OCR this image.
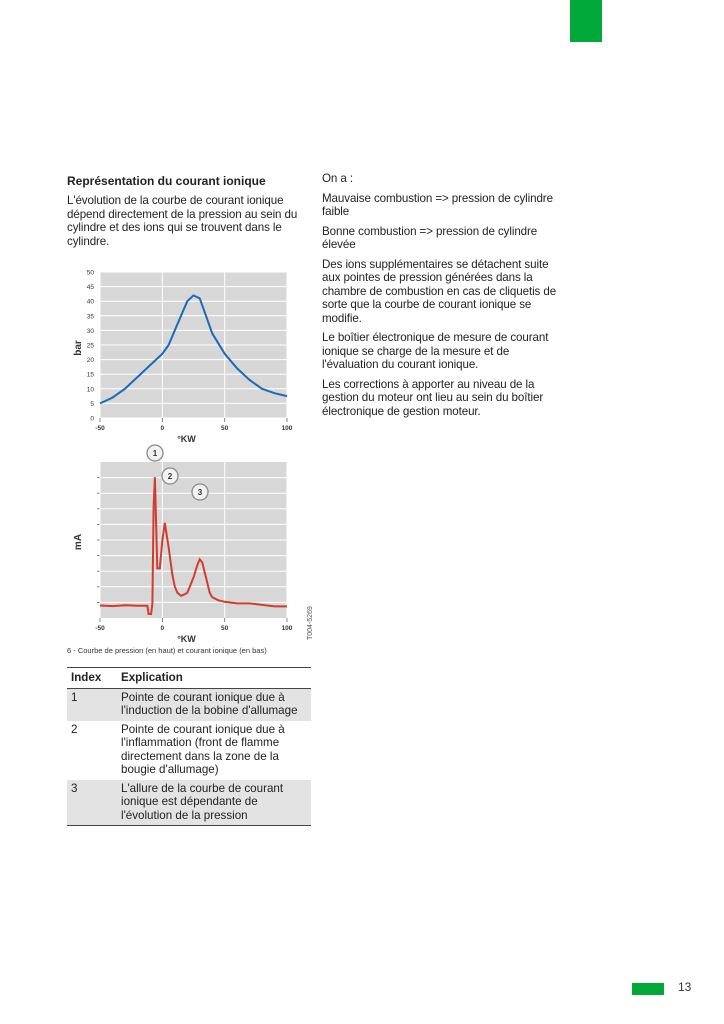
Représentation du courant ionique

L'évolution de la courbe de courant ionique dépend directement de la pression au sein du cylindre et des ions qui se trouvent dans le cylindre.

On a :

Mauvaise combustion => pression de cylindre faible

Bonne combustion => pression de cylindre élevée

Des ions supplémentaires se détachent suite aux pointes de pression générées dans la chambre de combustion en cas de cliquetis de sorte que la courbe de courant ionique se modifie.

Le boîtier électronique de mesure de courant ionique se charge de la mesure et de l'évaluation du courant ionique.

Les corrections à apporter au niveau de la gestion du moteur ont lieu au sein du boîtier électronique de gestion moteur.

0
5
10
15
20
25
30
35
40
45
50
-50	0	50	100
bar
°KW
-50	0	50	100
mA
°KW
1
2
3
T004-5269
6 - Courbe de pression (en haut) et courant ionique (en bas)
Index	Explication
1	Pointe de courant ionique due à l'induction de la bobine d'allumage
2	Pointe de courant ionique due à l'inflammation (front de flamme directement dans la zone de la bougie d'allumage)
3	L'allure de la courbe de courant ionique est dépendante de l'évolution de la pression
13
